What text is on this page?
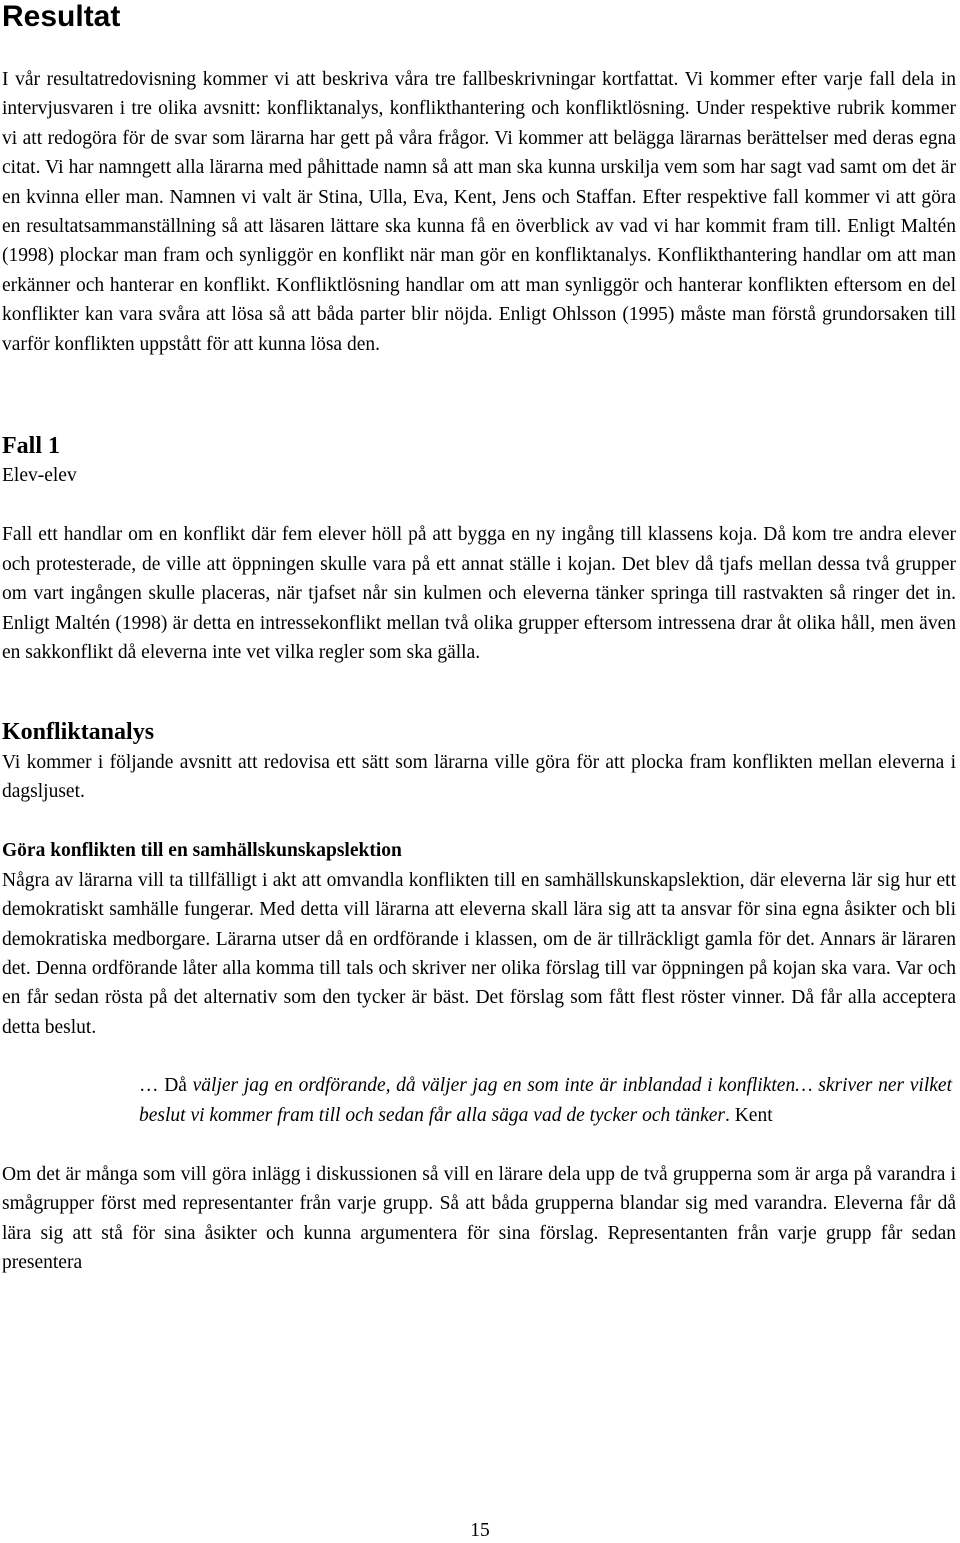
Resultat

I vår resultatredovisning kommer vi att beskriva våra tre fallbeskrivningar kortfattat. Vi kommer efter varje fall dela in intervjusvaren i tre olika avsnitt: konfliktanalys, konflikthantering och konfliktlösning. Under respektive rubrik kommer vi att redogöra för de svar som lärarna har gett på våra frågor. Vi kommer att belägga lärarnas berättelser med deras egna citat. Vi har namngett alla lärarna med påhittade namn så att man ska kunna urskilja vem som har sagt vad samt om det är en kvinna eller man. Namnen vi valt är Stina, Ulla, Eva, Kent, Jens och Staffan. Efter respektive fall kommer vi att göra en resultatsammanställning så att läsaren lättare ska kunna få en överblick av vad vi har kommit fram till. Enligt Maltén (1998) plockar man fram och synliggör en konflikt när man gör en konfliktanalys. Konflikthantering handlar om att man erkänner och hanterar en konflikt. Konfliktlösning handlar om att man synliggör och hanterar konflikten eftersom en del konflikter kan vara svåra att lösa så att båda parter blir nöjda. Enligt Ohlsson (1995) måste man förstå grundorsaken till varför konflikten uppstått för att kunna lösa den.

Fall 1

Elev-elev

Fall ett handlar om en konflikt där fem elever höll på att bygga en ny ingång till klassens koja. Då kom tre andra elever och protesterade, de ville att öppningen skulle vara på ett annat ställe i kojan. Det blev då tjafs mellan dessa två grupper om vart ingången skulle placeras, när tjafset når sin kulmen och eleverna tänker springa till rastvakten så ringer det in. Enligt Maltén (1998) är detta en intressekonflikt mellan två olika grupper eftersom intressena drar åt olika håll, men även en sakkonflikt då eleverna inte vet vilka regler som ska gälla.

Konfliktanalys

Vi kommer i följande avsnitt att redovisa ett sätt som lärarna ville göra för att plocka fram konflikten mellan eleverna i dagsljuset.

Göra konflikten till en samhällskunskapslektion

Några av lärarna vill ta tillfälligt i akt att omvandla konflikten till en samhällskunskapslektion, där eleverna lär sig hur ett demokratiskt samhälle fungerar. Med detta vill lärarna att eleverna skall lära sig att ta ansvar för sina egna åsikter och bli demokratiska medborgare. Lärarna utser då en ordförande i klassen, om de är tillräckligt gamla för det. Annars är läraren det. Denna ordförande låter alla komma till tals och skriver ner olika förslag till var öppningen på kojan ska vara. Var och en får sedan rösta på det alternativ som den tycker är bäst. Det förslag som fått flest röster vinner. Då får alla acceptera detta beslut.

… Då väljer jag en ordförande, då väljer jag en som inte är inblandad i konflikten… skriver ner vilket beslut vi kommer fram till och sedan får alla säga vad de tycker och tänker. Kent

Om det är många som vill göra inlägg i diskussionen så vill en lärare dela upp de två grupperna som är arga på varandra i smågrupper först med representanter från varje grupp. Så att båda grupperna blandar sig med varandra. Eleverna får då lära sig att stå för sina åsikter och kunna argumentera för sina förslag. Representanten från varje grupp får sedan presentera

15
